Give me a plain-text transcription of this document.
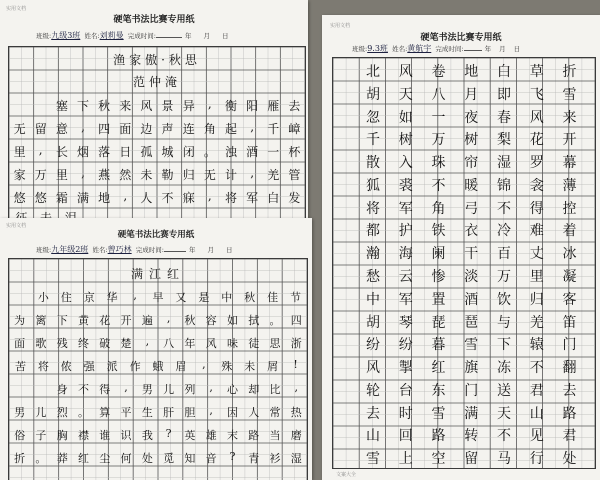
实用文档
硬笔书法比赛专用纸
班级:九级3班 姓名:刘莉曼 完成时间:	年 月 日
渔家傲·秋思
范仲淹
塞 下 秋 来 风 景 异	,	衡 阳 雁 去
无 留 意	,	四 面 边 声 连 角 起	,	千 嶂
里	,	长 烟 落 日 孤 城 闭 。 浊 酒 一 杯
家 万 里	,	燕 然 未 勒 归 无 计	,	羌 管
悠 悠 霜 满 地	,	人 不 寐	,	将 军 白 发
实用文档
硬笔书法比赛专用纸
班级:9.3班 姓名:黄航宇 完成时间:	年 月 日
北	风	卷	地	白	草	折
胡	天	八	月	即	飞	雪
忽	如	一	夜	春	风	来
千	树	万	树	梨	花	开
散	入	珠	帘	湿	罗	幕
狐	裘	不	暖	锦	衾	薄
将	军	角	弓	不	得	控
都	护	铁	衣	冷	难	着
瀚	海	阑	干	百	丈	冰
愁	云	惨	淡	万	里	凝
中	军	置	酒	饮	归	客
胡	琴	琵	琶	与	羌	笛
纷	纷	暮	雪	下	辕	门
风	掣	红	旗	冻	不	翻
轮	台	东	门	送	君	去
去	时	雪	满	天	山	路
山	回	路	转	不	见	君
雪	上	空	留	马	行	处
文案大全
实用文档
硬笔书法比赛专用纸
班级:九年级2班 姓名:曾巧林 完成时间:	年 月 日
满江红
小	住	京	华	,	早	又	是	中	秋	佳	节
为 篱 下 黄 花 开 遍	,	秋 容 如 拭 。 四
面 歌 残 终 破 楚	,	八 年 风 味 徒 思 浙
苦	将	侬	强	派	作	蛾	眉	,	殊	未	屑	!
身 不 得	,	男 儿 列	,	心 却 比	,
男 儿 烈 。 算 平 生 肝 胆	,	因 人 常 热
俗 子 胸 襟 谁 识 我	?	英 雄 末 路 当 磨
折 。 莽 红 尘 何 处 觅 知 音	?	青 衫 湿
